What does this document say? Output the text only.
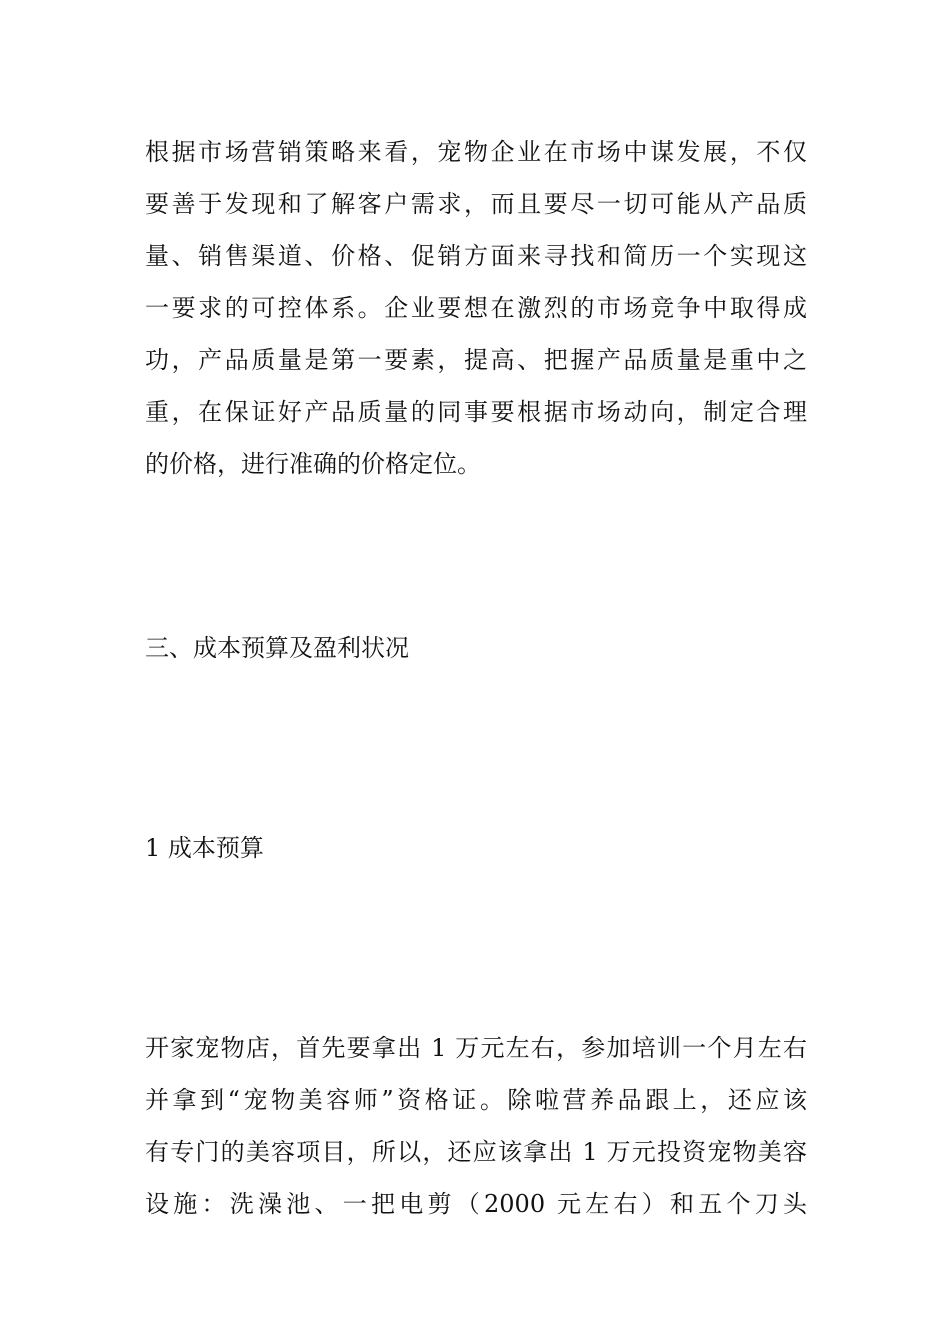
根据市场营销策略来看，宠物企业在市场中谋发展，不仅

要善于发现和了解客户需求，而且要尽一切可能从产品质

量、销售渠道、价格、促销方面来寻找和简历一个实现这

一要求的可控体系。企业要想在激烈的市场竞争中取得成

功，产品质量是第一要素，提高、把握产品质量是重中之

重，在保证好产品质量的同事要根据市场动向，制定合理

的价格，进行准确的价格定位。

三、成本预算及盈利状况
1 成本预算

开家宠物店，首先要拿出 1 万元左右，参加培训一个月左右

并拿到“宠物美容师”资格证。除啦营养品跟上，还应该

有专门的美容项目，所以，还应该拿出 1 万元投资宠物美容

设施：洗澡池、一把电剪（2000 元左右）和五个刀头
